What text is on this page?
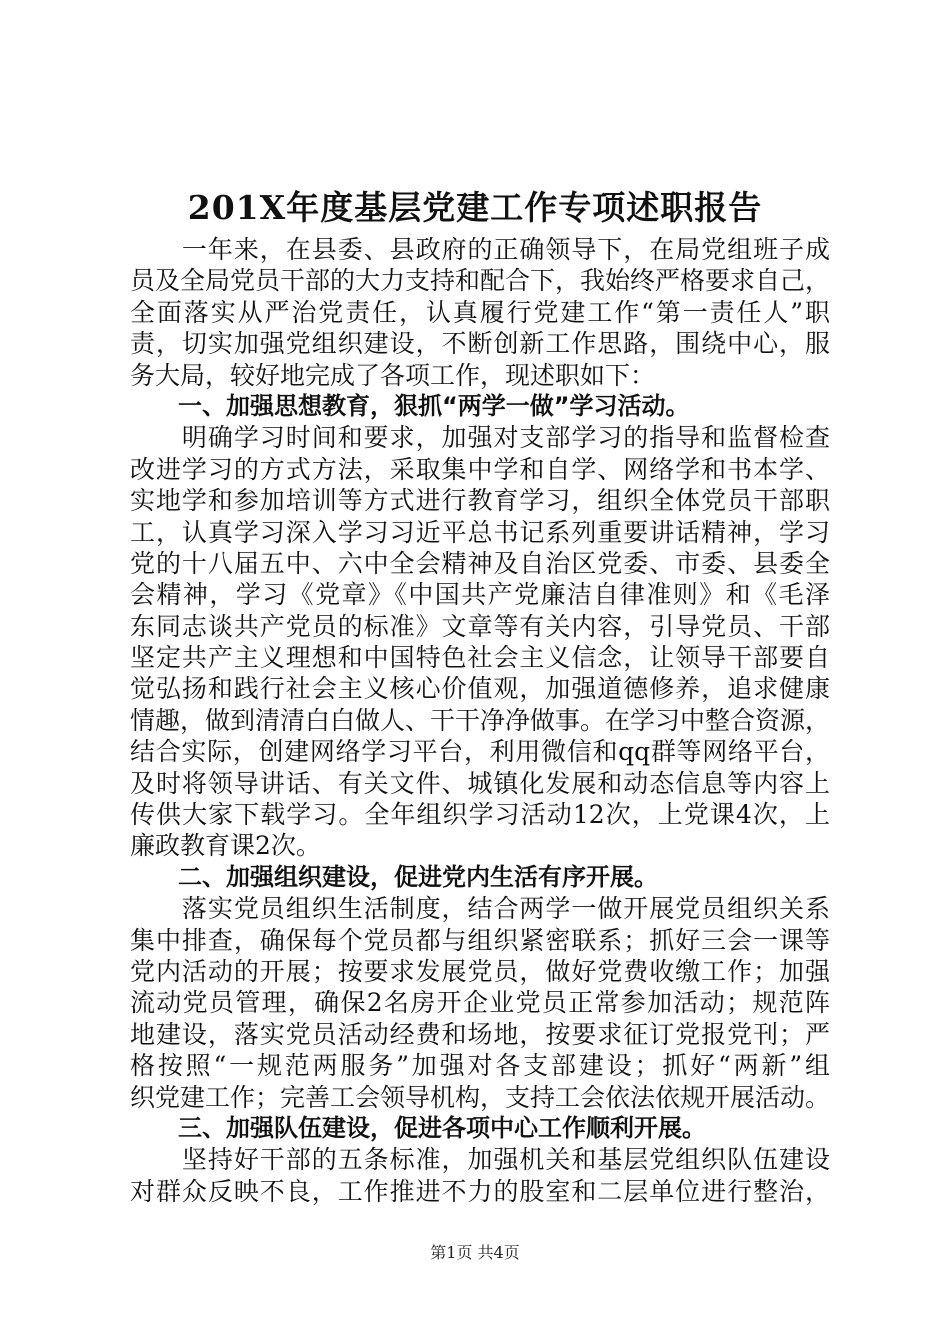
201X年度基层党建工作专项述职报告
　　一年来，在县委、县政府的正确领导下，在局党组班子成
员及全局党员干部的大力支持和配合下，我始终严格要求自己，
全面落实从严治党责任，认真履行党建工作“第一责任人”职
责，切实加强党组织建设，不断创新工作思路，围绕中心，服
务大局，较好地完成了各项工作，现述职如下：
　　一、加强思想教育，狠抓“两学一做”学习活动。
　　明确学习时间和要求，加强对支部学习的指导和监督检查
改进学习的方式方法，采取集中学和自学、网络学和书本学、
实地学和参加培训等方式进行教育学习，组织全体党员干部职
工，认真学习深入学习习近平总书记系列重要讲话精神，学习
党的十八届五中、六中全会精神及自治区党委、市委、县委全
会精神，学习《党章》《中国共产党廉洁自律准则》和《毛泽
东同志谈共产党员的标准》文章等有关内容，引导党员、干部
坚定共产主义理想和中国特色社会主义信念，让领导干部要自
觉弘扬和践行社会主义核心价值观，加强道德修养，追求健康
情趣，做到清清白白做人、干干净净做事。在学习中整合资源，
结合实际，创建网络学习平台，利用微信和qq群等网络平台，
及时将领导讲话、有关文件、城镇化发展和动态信息等内容上
传供大家下载学习。全年组织学习活动12次，上党课4次，上
廉政教育课2次。
　　二、加强组织建设，促进党内生活有序开展。
　　落实党员组织生活制度，结合两学一做开展党员组织关系
集中排查，确保每个党员都与组织紧密联系；抓好三会一课等
党内活动的开展；按要求发展党员，做好党费收缴工作；加强
流动党员管理，确保2名房开企业党员正常参加活动；规范阵
地建设，落实党员活动经费和场地，按要求征订党报党刊；严
格按照“一规范两服务”加强对各支部建设；抓好“两新”组
织党建工作；完善工会领导机构，支持工会依法依规开展活动。
　　三、加强队伍建设，促进各项中心工作顺利开展。
　　坚持好干部的五条标准，加强机关和基层党组织队伍建设
对群众反映不良，工作推进不力的股室和二层单位进行整治，
第1页 共4页
